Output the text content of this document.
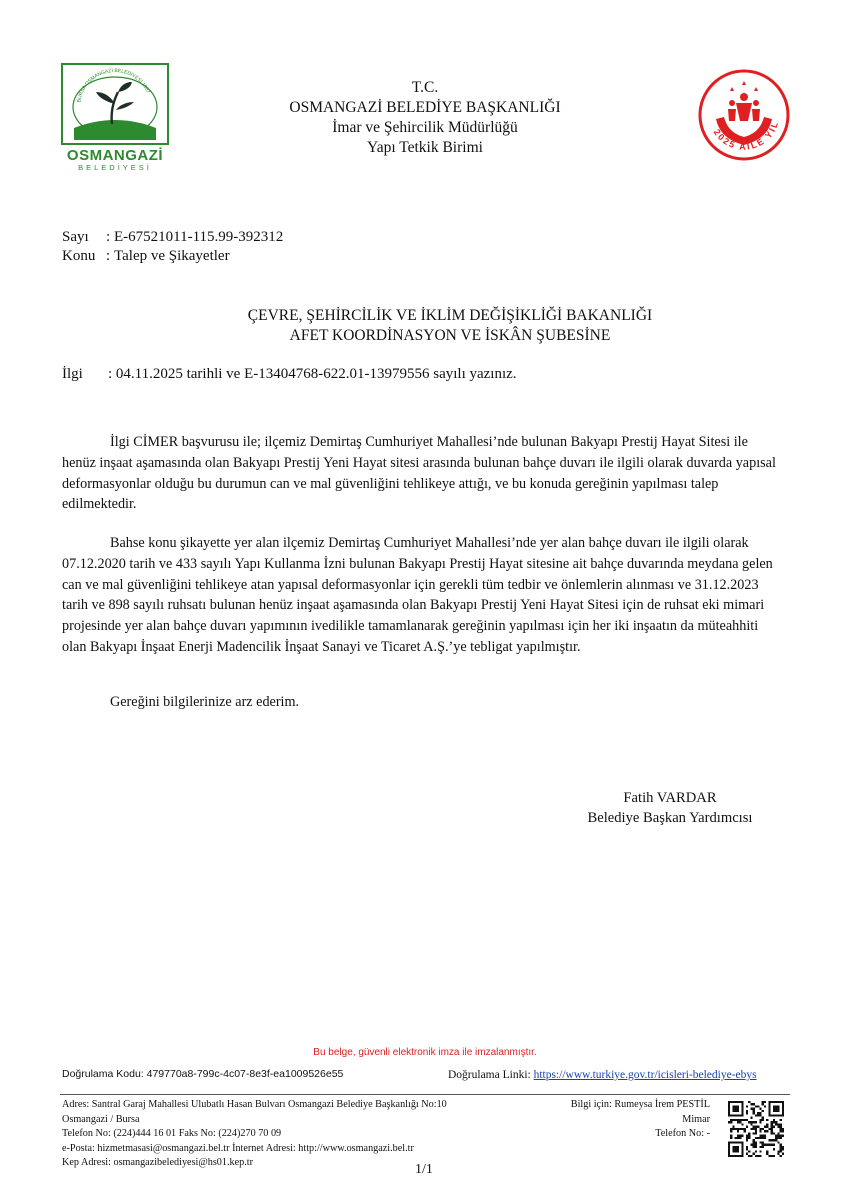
BURSA OSMANGAZİ BELEDİYESİ 1987
OSMANGAZİ
BELEDİYESİ
T.C.
OSMANGAZİ BELEDİYE BAŞKANLIĞI
İmar ve Şehircilik Müdürlüğü
Yapı Tetkik Birimi
2025 AİLE YIL
Sayı : E-67521011-115.99-392312
Konu : Talep ve Şikayetler
ÇEVRE, ŞEHİRCİLİK VE İKLİM DEĞİŞİKLİĞİ BAKANLIĞI
AFET KOORDİNASYON VE İSKÂN ŞUBESİNE
İlgi : 04.11.2025 tarihli ve E-13404768-622.01-13979556 sayılı yazınız.
İlgi CİMER başvurusu ile; ilçemiz Demirtaş Cumhuriyet Mahallesi’nde bulunan Bakyapı Prestij Hayat Sitesi ile henüz inşaat aşamasında olan Bakyapı Prestij Yeni Hayat sitesi arasında bulunan bahçe duvarı ile ilgili olarak duvarda yapısal deformasyonlar olduğu bu durumun can ve mal güvenliğini tehlikeye attığı, ve bu konuda gereğinin yapılması talep edilmektedir.
Bahse konu şikayette yer alan ilçemiz Demirtaş Cumhuriyet Mahallesi’nde yer alan bahçe duvarı ile ilgili olarak 07.12.2020 tarih ve 433 sayılı Yapı Kullanma İzni bulunan Bakyapı Prestij Hayat sitesine ait bahçe duvarında meydana gelen can ve mal güvenliğini tehlikeye atan yapısal deformasyonlar için gerekli tüm tedbir ve önlemlerin alınması ve 31.12.2023 tarih ve 898 sayılı ruhsatı bulunan henüz inşaat aşamasında olan Bakyapı Prestij Yeni Hayat Sitesi için de ruhsat eki mimari projesinde yer alan bahçe duvarı yapımının ivedilikle tamamlanarak gereğinin yapılması için her iki inşaatın da müteahhiti olan Bakyapı İnşaat Enerji Madencilik İnşaat Sanayi ve Ticaret A.Ş.’ye tebligat yapılmıştır.
Gereğini bilgilerinize arz ederim.
Fatih VARDAR
Belediye Başkan Yardımcısı
Bu belge, güvenli elektronik imza ile imzalanmıştır.
Doğrulama Kodu: 479770a8-799c-4c07-8e3f-ea1009526e55	Doğrulama Linki: https://www.turkiye.gov.tr/icisleri-belediye-ebys
Adres: Santral Garaj Mahallesi Ulubatlı Hasan Bulvarı Osmangazi Belediye Başkanlığı No:10
Osmangazi / Bursa
Telefon No: (224)444 16 01 Faks No: (224)270 70 09
e-Posta: hizmetmasasi@osmangazi.bel.tr İnternet Adresi: http://www.osmangazi.bel.tr
Kep Adresi: osmangazibelediyesi@hs01.kep.tr
Bilgi için: Rumeysa İrem PESTİL
Mimar
Telefon No: -
1/1
